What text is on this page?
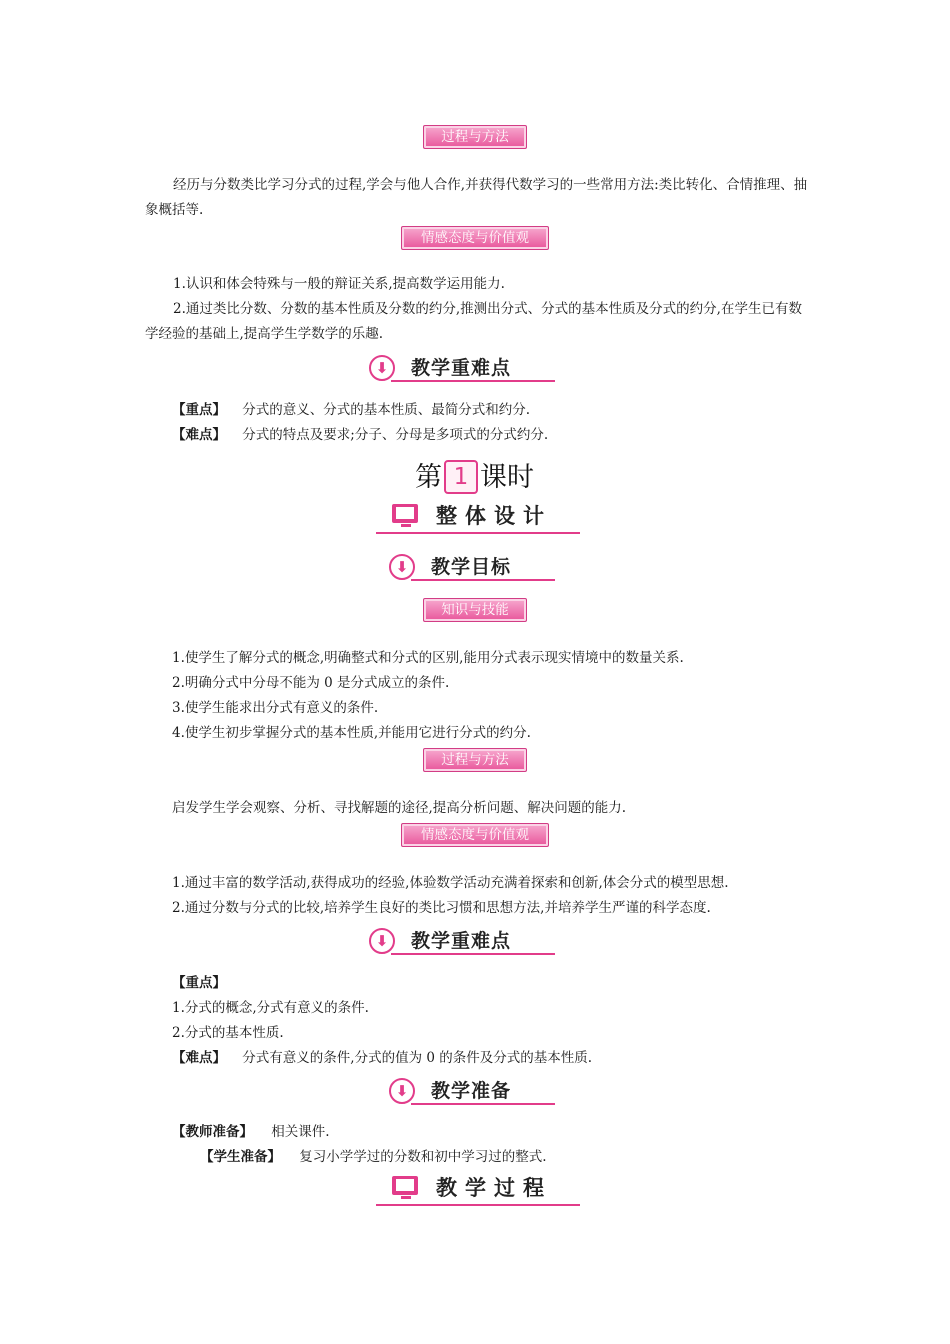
过程与方法
经历与分数类比学习分式的过程,学会与他人合作,并获得代数学习的一些常用方法:类比转化、合情推理、抽象概括等.
情感态度与价值观
1.认识和体会特殊与一般的辩证关系,提高数学运用能力.
2.通过类比分数、分数的基本性质及分数的约分,推测出分式、分式的基本性质及分式的约分,在学生已有数学经验的基础上,提高学生学数学的乐趣.
⬇	教学重难点
【重点】 分式的意义、分式的基本性质、最简分式和约分.
【难点】 分式的特点及要求;分子、分母是多项式的分式约分.
第 1 课时
整体设计
⬇	教学目标
知识与技能
1.使学生了解分式的概念,明确整式和分式的区别,能用分式表示现实情境中的数量关系.
2.明确分式中分母不能为 0 是分式成立的条件.
3.使学生能求出分式有意义的条件.
4.使学生初步掌握分式的基本性质,并能用它进行分式的约分.
过程与方法
启发学生学会观察、分析、寻找解题的途径,提高分析问题、解决问题的能力.
情感态度与价值观
1.通过丰富的数学活动,获得成功的经验,体验数学活动充满着探索和创新,体会分式的模型思想.
2.通过分数与分式的比较,培养学生良好的类比习惯和思想方法,并培养学生严谨的科学态度.
⬇	教学重难点
【重点】
1.分式的概念,分式有意义的条件.
2.分式的基本性质.
【难点】 分式有意义的条件,分式的值为 0 的条件及分式的基本性质.
⬇	教学准备
【教师准备】 相关课件.
【学生准备】 复习小学学过的分数和初中学习过的整式.
教学过程
